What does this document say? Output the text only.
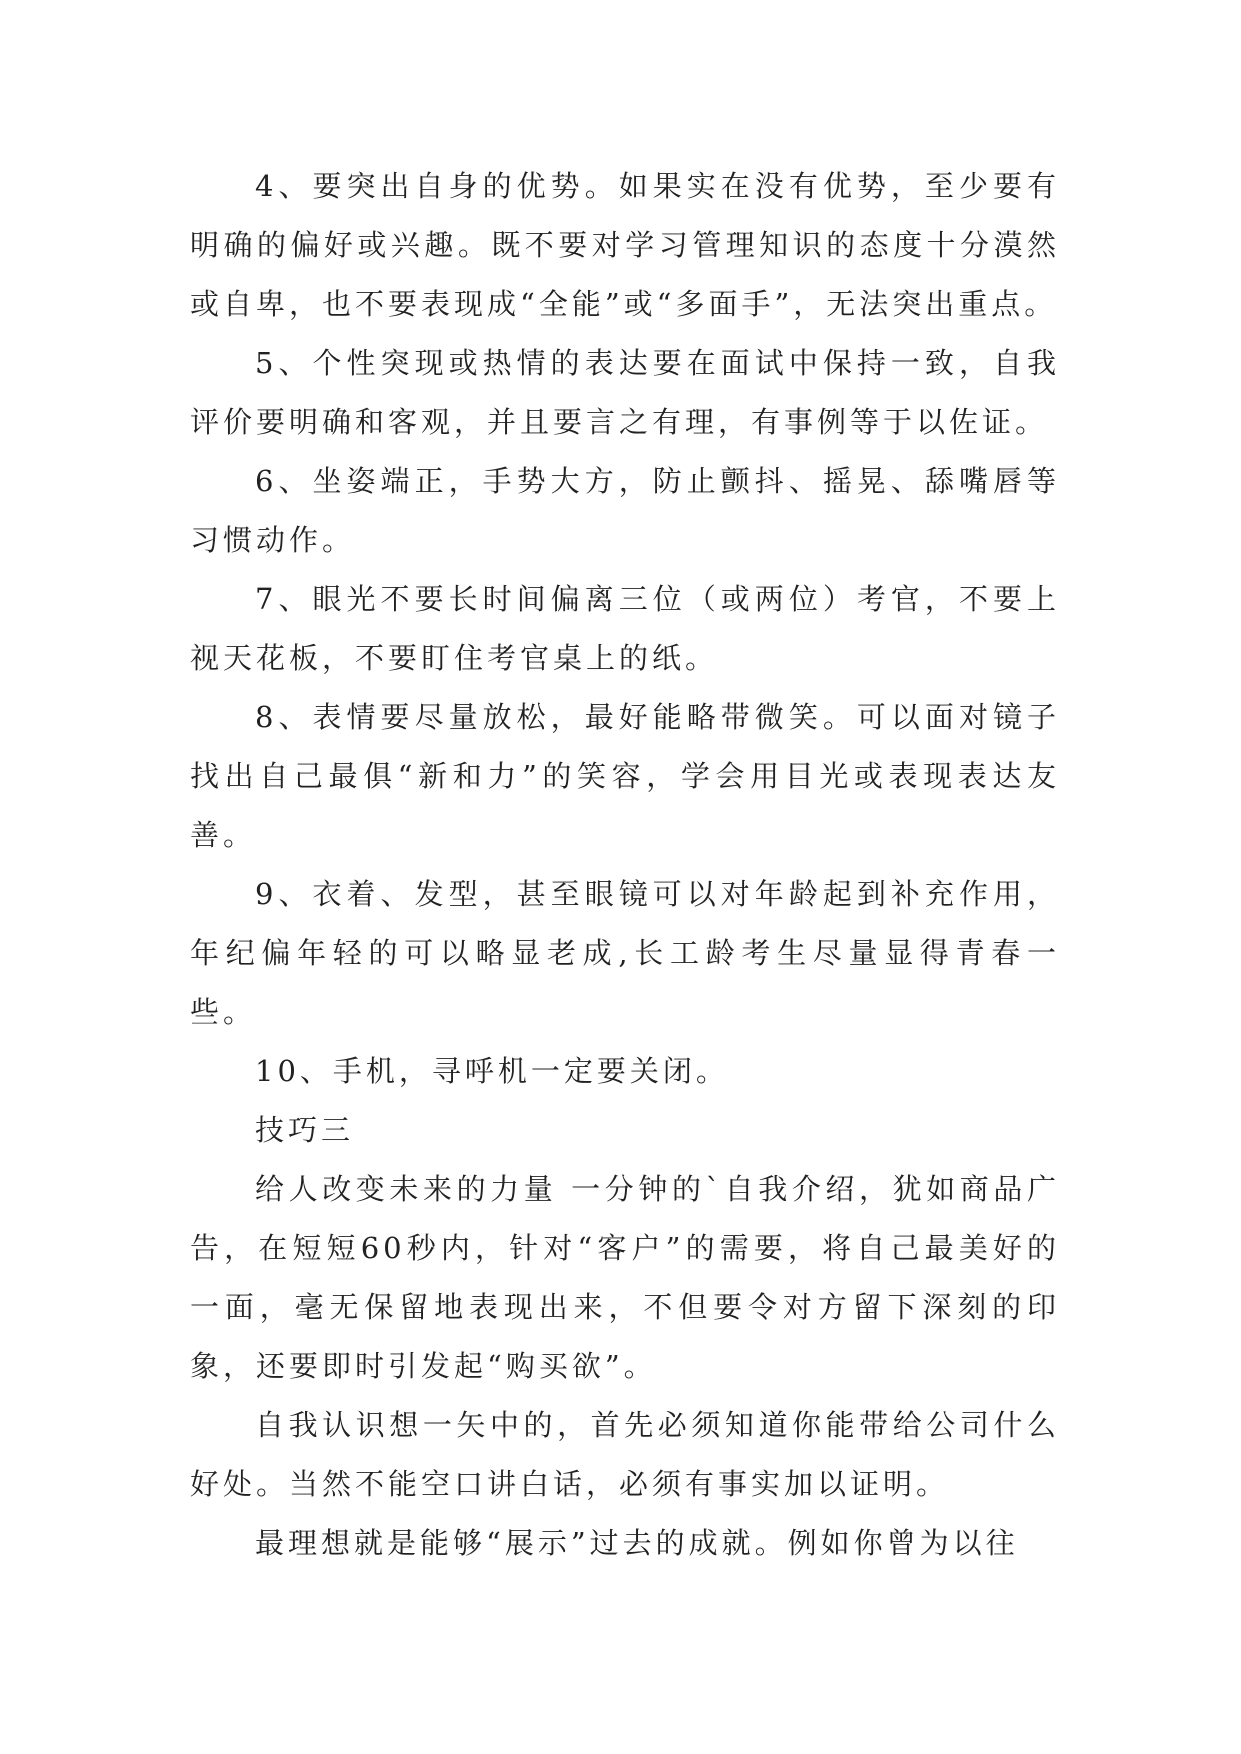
4、要突出自身的优势。如果实在没有优势，至少要有明确的偏好或兴趣。既不要对学习管理知识的态度十分漠然或自卑，也不要表现成“全能”或“多面手”，无法突出重点。

5、个性突现或热情的表达要在面试中保持一致，自我评价要明确和客观，并且要言之有理，有事例等于以佐证。

6、坐姿端正，手势大方，防止颤抖、摇晃、舔嘴唇等习惯动作。

7、眼光不要长时间偏离三位（或两位）考官，不要上视天花板，不要盯住考官桌上的纸。

8、表情要尽量放松，最好能略带微笑。可以面对镜子找出自己最俱“新和力”的笑容，学会用目光或表现表达友善。

9、衣着、发型，甚至眼镜可以对年龄起到补充作用，年纪偏年轻的可以略显老成,长工龄考生尽量显得青春一些。

10、手机，寻呼机一定要关闭。

技巧三

给人改变未来的力量 一分钟的`自我介绍，犹如商品广告，在短短60秒内，针对“客户”的需要，将自己最美好的一面，毫无保留地表现出来，不但要令对方留下深刻的印象，还要即时引发起“购买欲”。

自我认识想一矢中的，首先必须知道你能带给公司什么好处。当然不能空口讲白话，必须有事实加以证明。

最理想就是能够“展示”过去的成就。例如你曾为以往
